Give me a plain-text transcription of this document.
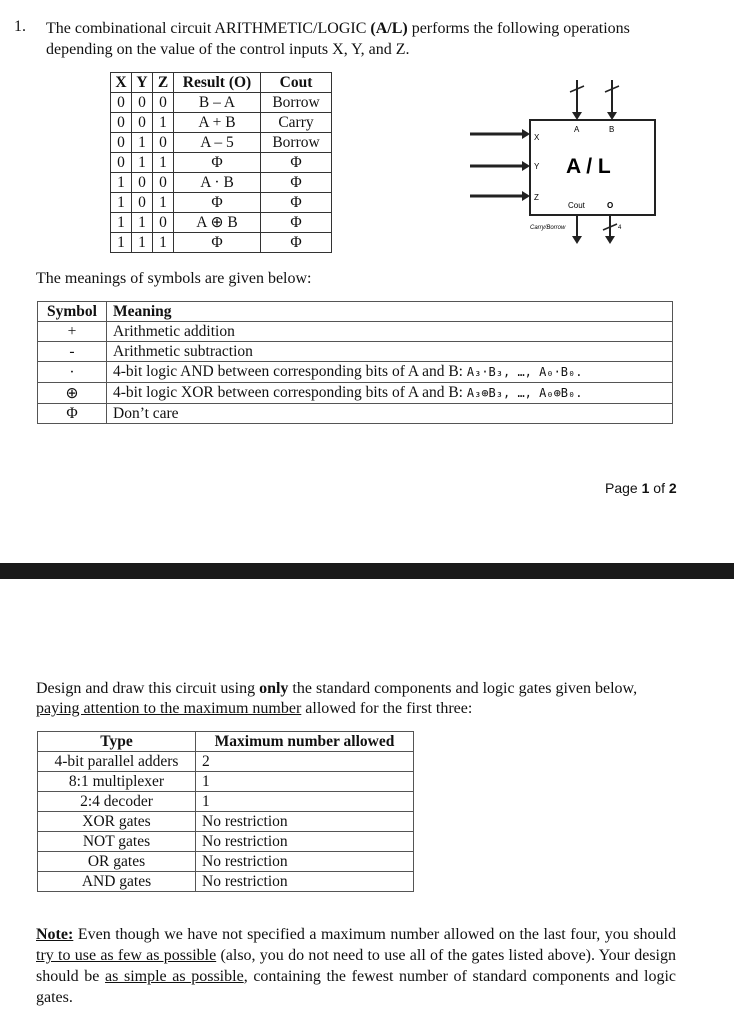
1. The combinational circuit ARITHMETIC/LOGIC (A/L) performs the following operations
depending on the value of the control inputs X, Y, and Z.
X	Y	Z	Result (O)	Cout
0	0	0	B – A	Borrow
0	0	1	A + B	Carry
0	1	0	A – 5	Borrow
0	1	1	Φ	Φ
1	0	0	A · B	Φ
1	0	1	Φ	Φ
1	1	0	A ⊕ B	Φ
1	1	1	Φ	Φ
A	B
X
Y
Z
A / L
Cout	O
Carry/Borrow	4
The meanings of symbols are given below:
Symbol	Meaning
+	Arithmetic addition
-	Arithmetic subtraction
·	4-bit logic AND between corresponding bits of A and B: A₃·B₃, …, A₀·B₀.
⊕	4-bit logic XOR between corresponding bits of A and B: A₃⊕B₃, …, A₀⊕B₀.
Φ	Don’t care
Page 1 of 2
Design and draw this circuit using only the standard components and logic gates given below,
paying attention to the maximum number allowed for the first three:
Type	Maximum number allowed
4-bit parallel adders	2
8:1 multiplexer	1
2:4 decoder	1
XOR gates	No restriction
NOT gates	No restriction
OR gates	No restriction
AND gates	No restriction
Note: Even though we have not specified a maximum number allowed on the last four, you should try to use as few as possible (also, you do not need to use all of the gates listed above). Your design should be as simple as possible, containing the fewest number of standard components and logic gates.
